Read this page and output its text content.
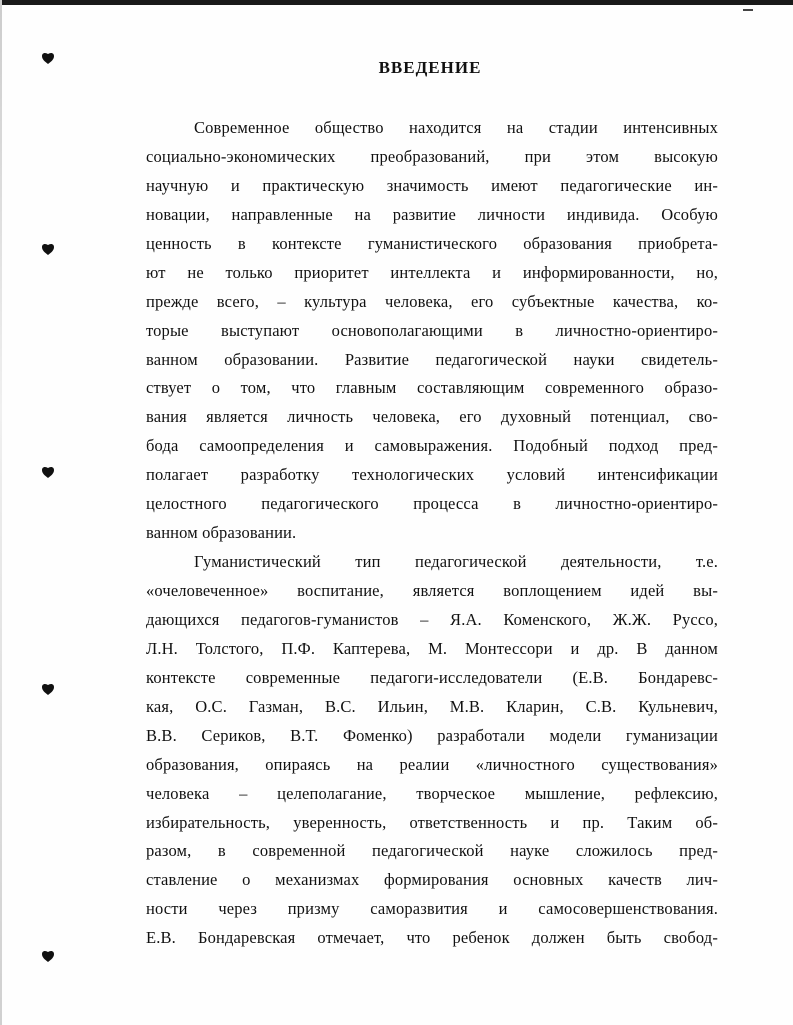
ВВЕДЕНИЕ
Современное общество находится на стадии интенсивных
социально-экономических преобразований, при этом высокую
научную и практическую значимость имеют педагогические ин-
новации, направленные на развитие личности индивида. Особую
ценность в контексте гуманистического образования приобрета-
ют не только приоритет интеллекта и информированности, но,
прежде всего, – культура человека, его субъектные качества, ко-
торые выступают основополагающими в личностно-ориентиро-
ванном образовании. Развитие педагогической науки свидетель-
ствует о том, что главным составляющим современного образо-
вания является личность человека, его духовный потенциал, сво-
бода самоопределения и самовыражения. Подобный подход пред-
полагает разработку технологических условий интенсификации
целостного педагогического процесса в личностно-ориентиро-
ванном образовании.
Гуманистический тип педагогической деятельности, т.е.
«очеловеченное» воспитание, является воплощением идей вы-
дающихся педагогов-гуманистов – Я.А. Коменского, Ж.Ж. Руссо,
Л.Н. Толстого, П.Ф. Каптерева, М. Монтессори и др. В данном
контексте современные педагоги-исследователи (Е.В. Бондаревс-
кая, О.С. Газман, В.С. Ильин, М.В. Кларин, С.В. Кульневич,
В.В. Сериков, В.Т. Фоменко) разработали модели гуманизации
образования, опираясь на реалии «личностного существования»
человека – целеполагание, творческое мышление, рефлексию,
избирательность, уверенность, ответственность и пр. Таким об-
разом, в современной педагогической науке сложилось пред-
ставление о механизмах формирования основных качеств лич-
ности через призму саморазвития и самосовершенствования.
Е.В. Бондаревская отмечает, что ребенок должен быть свобод-
